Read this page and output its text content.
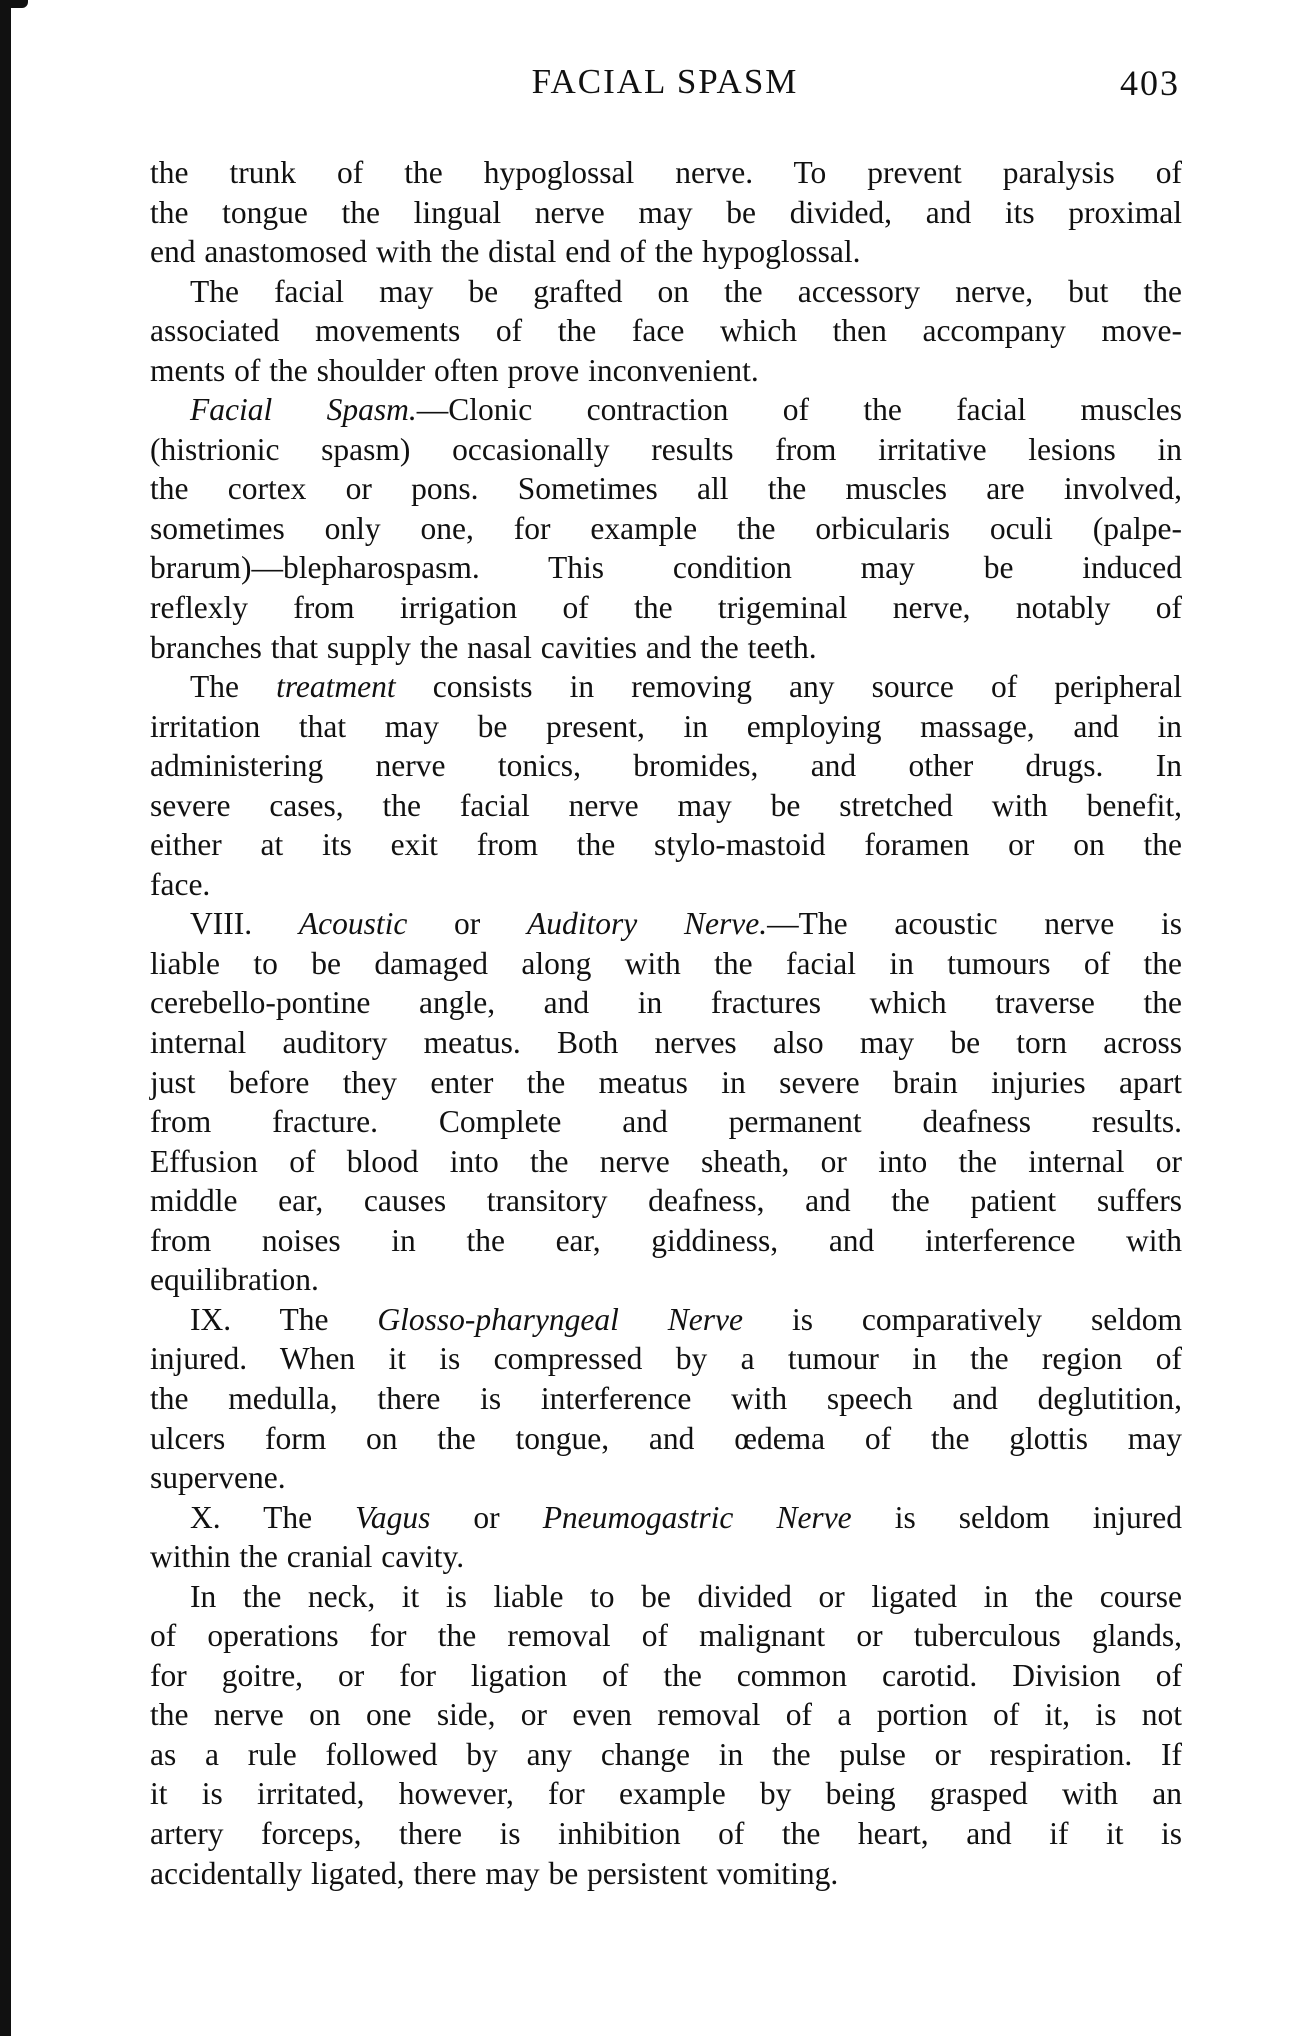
FACIAL SPASM	403
the trunk of the hypoglossal nerve. To prevent paralysis of
the tongue the lingual nerve may be divided, and its proximal
end anastomosed with the distal end of the hypoglossal.
The facial may be grafted on the accessory nerve, but the
associated movements of the face which then accompany move-
ments of the shoulder often prove inconvenient.
Facial Spasm.—Clonic contraction of the facial muscles
(histrionic spasm) occasionally results from irritative lesions in
the cortex or pons. Sometimes all the muscles are involved,
sometimes only one, for example the orbicularis oculi (palpe-
brarum)—blepharospasm. This condition may be induced
reflexly from irrigation of the trigeminal nerve, notably of
branches that supply the nasal cavities and the teeth.
The treatment consists in removing any source of peripheral
irritation that may be present, in employing massage, and in
administering nerve tonics, bromides, and other drugs. In
severe cases, the facial nerve may be stretched with benefit,
either at its exit from the stylo-mastoid foramen or on the
face.
VIII. Acoustic or Auditory Nerve.—The acoustic nerve is
liable to be damaged along with the facial in tumours of the
cerebello-pontine angle, and in fractures which traverse the
internal auditory meatus. Both nerves also may be torn across
just before they enter the meatus in severe brain injuries apart
from fracture. Complete and permanent deafness results.
Effusion of blood into the nerve sheath, or into the internal or
middle ear, causes transitory deafness, and the patient suffers
from noises in the ear, giddiness, and interference with
equilibration.
IX. The Glosso-pharyngeal Nerve is comparatively seldom
injured. When it is compressed by a tumour in the region of
the medulla, there is interference with speech and deglutition,
ulcers form on the tongue, and œdema of the glottis may
supervene.
X. The Vagus or Pneumogastric Nerve is seldom injured
within the cranial cavity.
In the neck, it is liable to be divided or ligated in the course
of operations for the removal of malignant or tuberculous glands,
for goitre, or for ligation of the common carotid. Division of
the nerve on one side, or even removal of a portion of it, is not
as a rule followed by any change in the pulse or respiration. If
it is irritated, however, for example by being grasped with an
artery forceps, there is inhibition of the heart, and if it is
accidentally ligated, there may be persistent vomiting.
